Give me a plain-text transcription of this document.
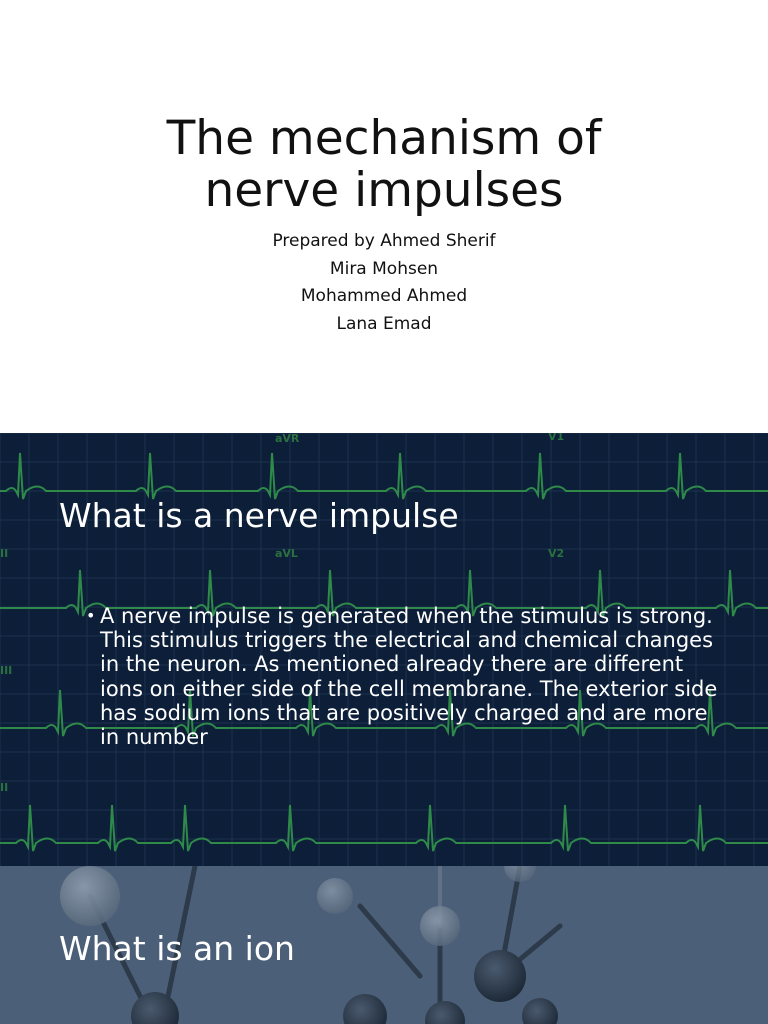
The mechanism of
nerve impulses
Prepared by Ahmed Sherif
Mira Mohsen
Mohammed Ahmed
Lana Emad
aVR	V1
aVL	V2
II
III
II
What is a nerve impulse
• A nerve impulse is generated when the stimulus is strong. This stimulus triggers the electrical and chemical changes in the neuron. As mentioned already there are different ions on either side of the cell membrane. The exterior side has sodium ions that are positively charged and are more in number
What is an ion
